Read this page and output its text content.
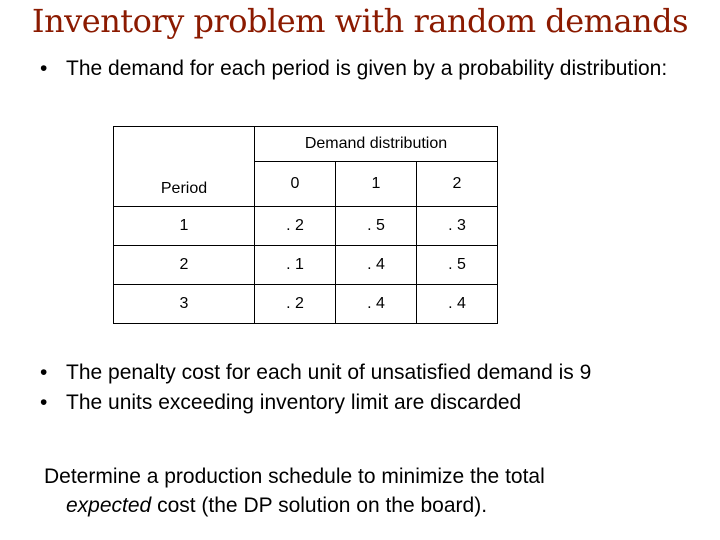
Inventory problem with random demands
• The demand for each period is given by a probability distribution:
Period	Demand distribution		
	0	1	2
1	. 2	. 5	. 3
2	. 1	. 4	. 5
3	. 2	. 4	. 4
• The penalty cost for each unit of unsatisfied demand is 9
• The units exceeding inventory limit are discarded
Determine a production schedule to minimize the total
expected cost (the DP solution on the board).
